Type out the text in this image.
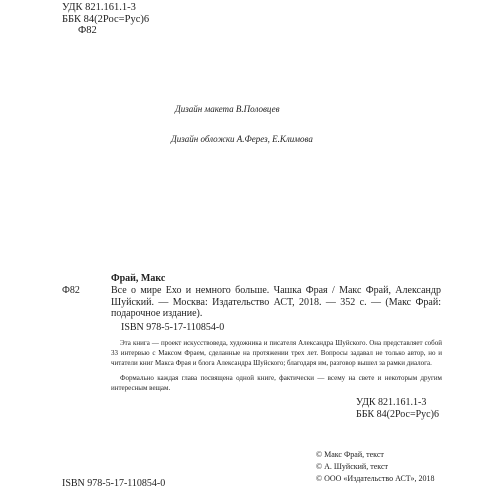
УДК 821.161.1-3
ББК 84(2Рос=Рус)6
Ф82
Дизайн макета В.Половцев
Дизайн обложки А.Ферез, Е.Климова
Фрай, Макс
Ф82	Все о мире Ехо и немного больше. Чашка Фрая / Макс Фрай, Александр Шуйский. — Москва: Издательство АСТ, 2018. — 352 с. — (Макс Фрай: подарочное издание).
ISBN 978-5-17-110854-0

Эта книга — проект искусствоведа, художника и писателя Александра Шуйского. Она представляет собой 33 интервью с Максом Фраем, сделанные на протяжении трех лет. Вопросы задавал не только автор, но и читатели книг Макса Фрая и блога Александра Шуйского; благодаря им, разговор вышел за рамки диалога.

Формально каждая глава посвящена одной книге, фактически — всему на свете и некоторым другим интересным вещам.

УДК 821.161.1-3
ББК 84(2Рос=Рус)6
© Макс Фрай, текст
© А. Шуйский, текст
© ООО «Издательство АСТ», 2018
ISBN 978-5-17-110854-0
